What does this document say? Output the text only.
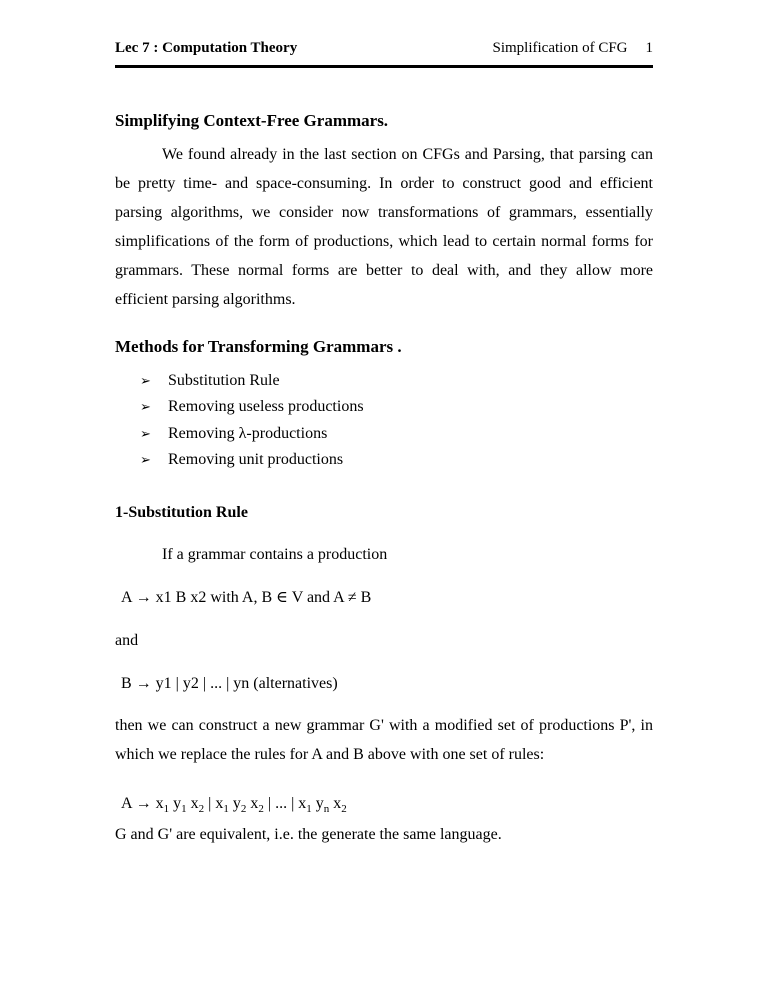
Lec 7 : Computation Theory	Simplification of CFG 1
Simplifying Context-Free Grammars.

We found already in the last section on CFGs and Parsing, that parsing can be pretty time- and space-consuming. In order to construct good and efficient parsing algorithms, we consider now transformations of grammars, essentially simplifications of the form of productions, which lead to certain normal forms for grammars. These normal forms are better to deal with, and they allow more efficient parsing algorithms.

Methods for Transforming Grammars .
➢	Substitution Rule
➢	Removing useless productions
➢	Removing λ-productions
➢	Removing unit productions
1-Substitution Rule

If a grammar contains a production

A → x1 B x2 with A, B ∈ V and A ≠ B

and

B → y1 | y2 | ... | yn (alternatives)

then we can construct a new grammar G' with a modified set of productions P', in which we replace the rules for A and B above with one set of rules:

$A \to x_1$ $y_1$ $x_2$ | $x_1$ $y_2$ $x_2$ | ... | $x_1$ $y_n$ $x_2$

G and G' are equivalent, i.e. the generate the same language.
